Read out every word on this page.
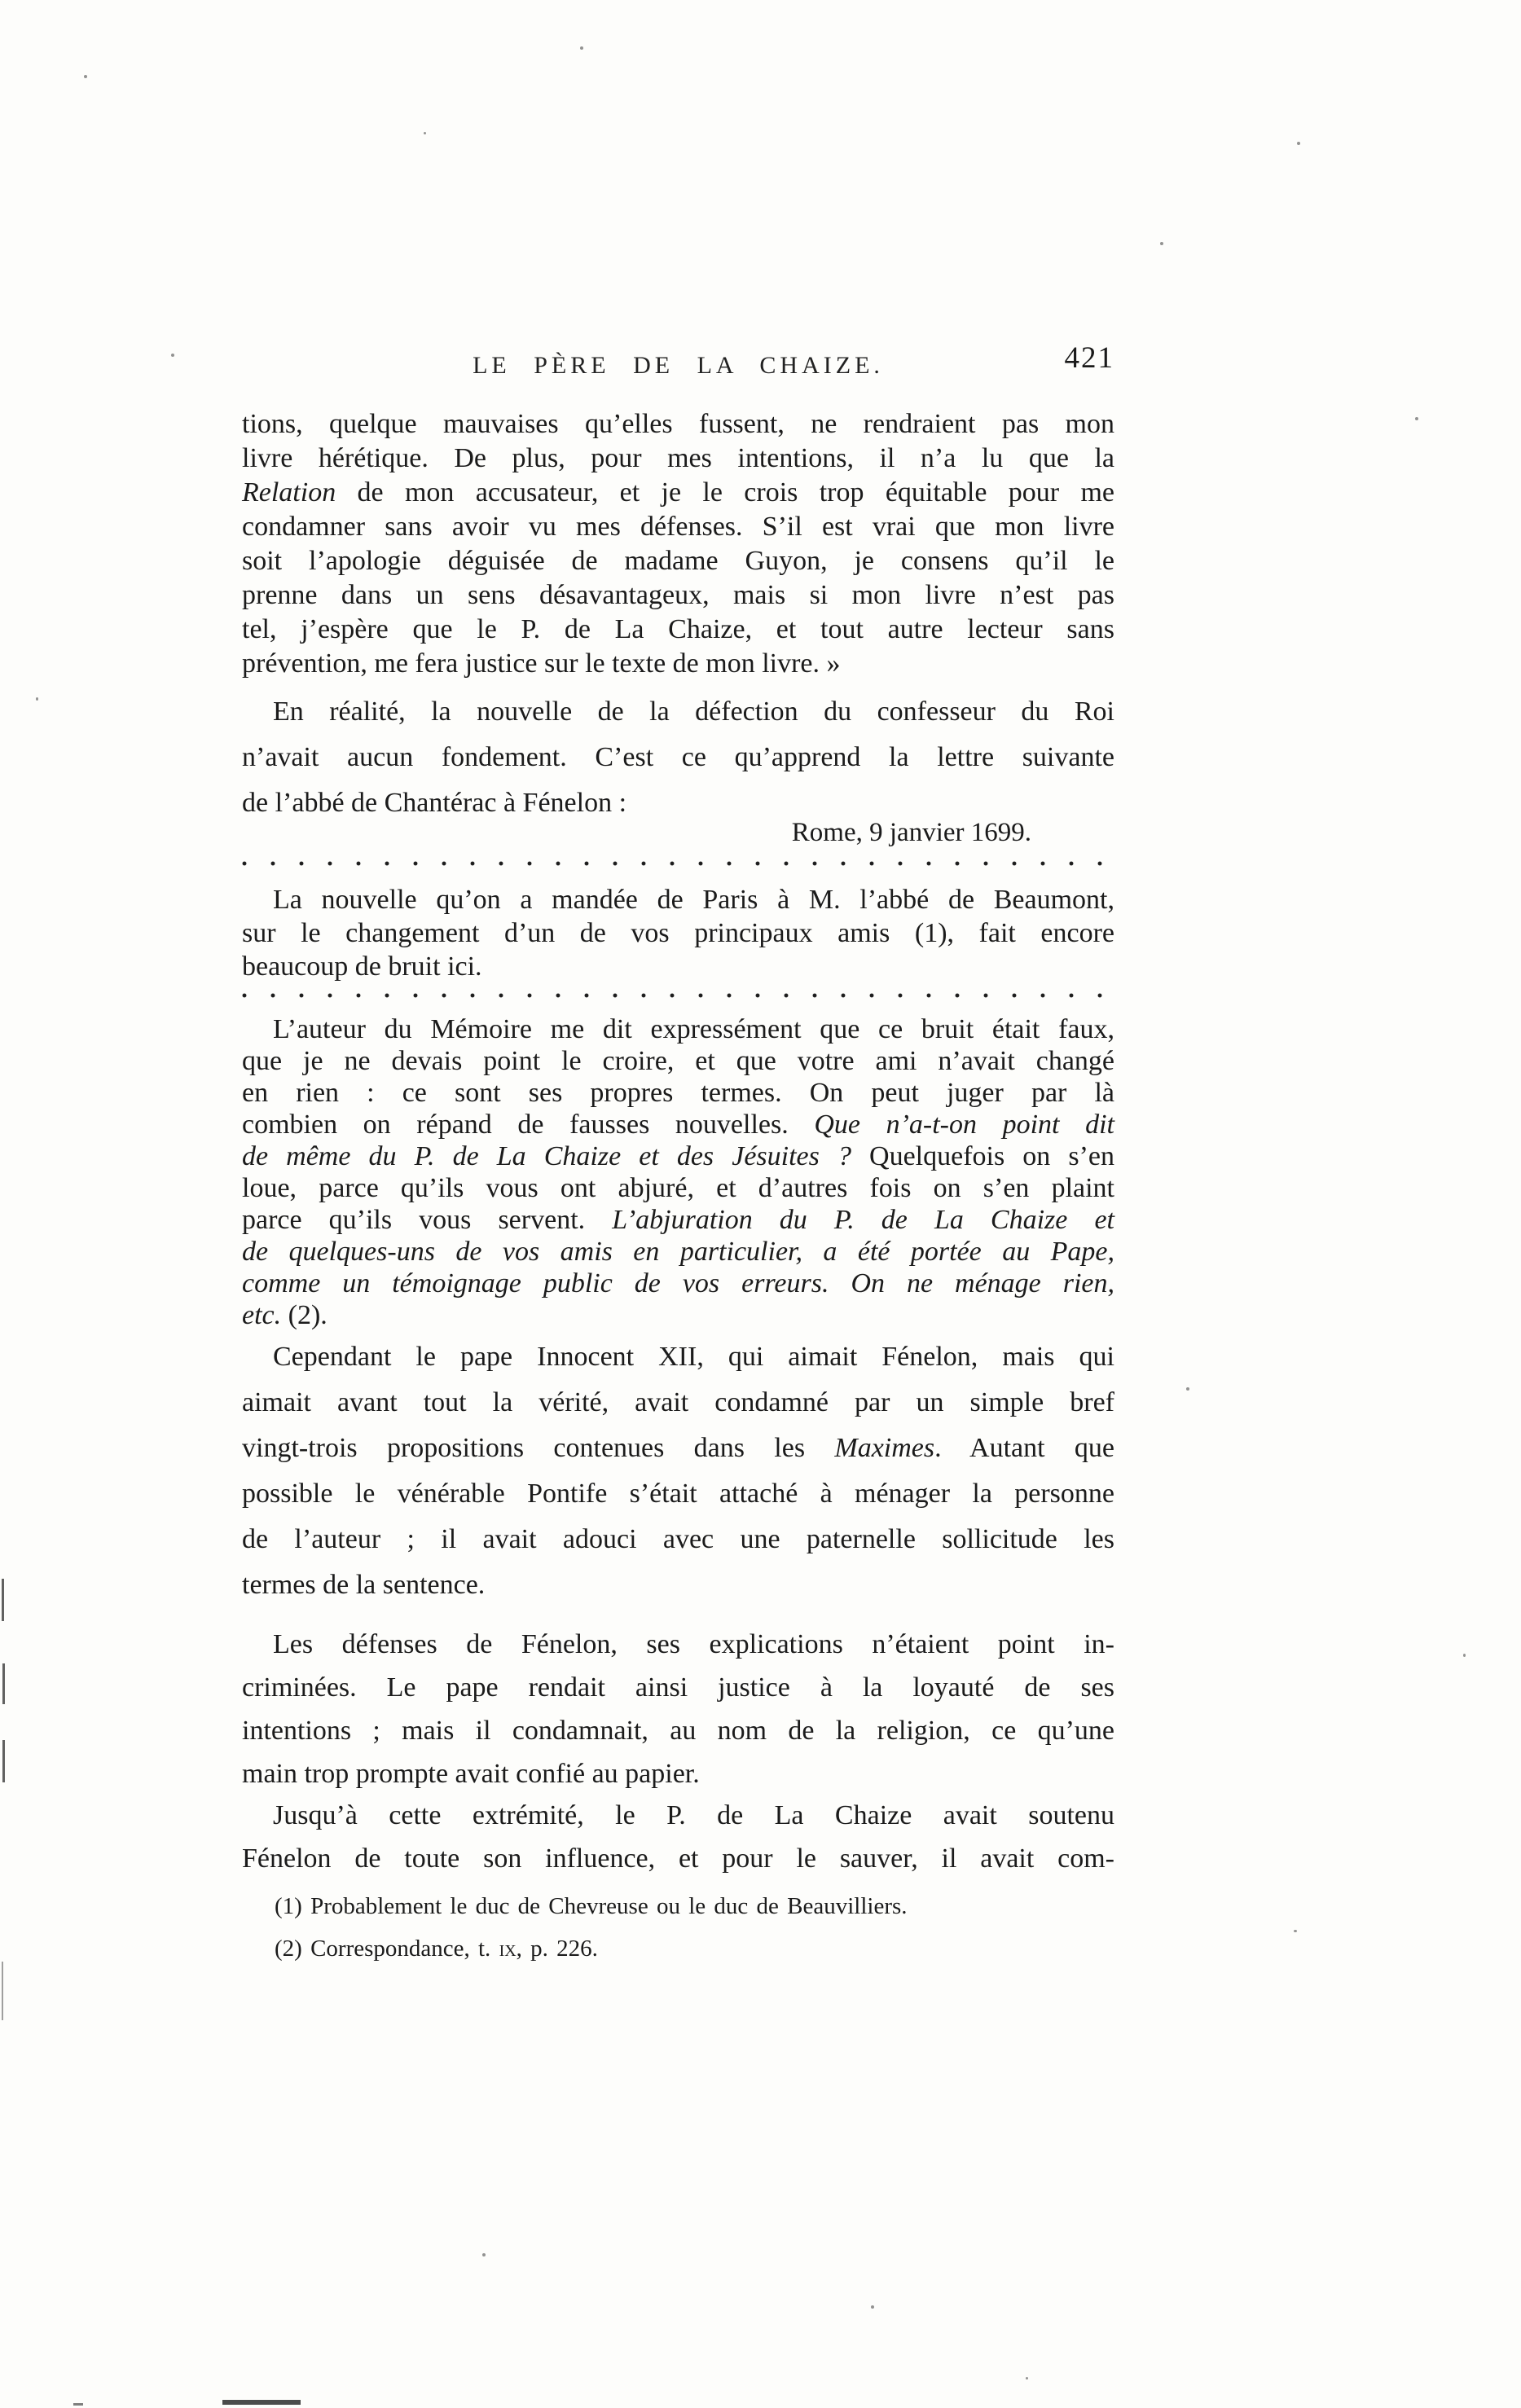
LE PÈRE DE LA CHAIZE.	421
tions, quelque mauvaises qu’elles fussent, ne rendraient pas mon
livre hérétique. De plus, pour mes intentions, il n’a lu que la
Relation de mon accusateur, et je le crois trop équitable pour me
condamner sans avoir vu mes défenses. S’il est vrai que mon livre
soit l’apologie déguisée de madame Guyon, je consens qu’il le
prenne dans un sens désavantageux, mais si mon livre n’est pas
tel, j’espère que le P. de La Chaize, et tout autre lecteur sans
prévention, me fera justice sur le texte de mon livre. »
En réalité, la nouvelle de la défection du confesseur du Roi
n’avait aucun fondement. C’est ce qu’apprend la lettre suivante
de l’abbé de Chantérac à Fénelon :
Rome, 9 janvier 1699.
La nouvelle qu’on a mandée de Paris à M. l’abbé de Beaumont,
sur le changement d’un de vos principaux amis (1), fait encore
beaucoup de bruit ici.
L’auteur du Mémoire me dit expressément que ce bruit était faux,
que je ne devais point le croire, et que votre ami n’avait changé
en rien : ce sont ses propres termes. On peut juger par là
combien on répand de fausses nouvelles. Que n’a-t-on point dit
de même du P. de La Chaize et des Jésuites ? Quelquefois on s’en
loue, parce qu’ils vous ont abjuré, et d’autres fois on s’en plaint
parce qu’ils vous servent. L’abjuration du P. de La Chaize et
de quelques-uns de vos amis en particulier, a été portée au Pape,
comme un témoignage public de vos erreurs. On ne ménage rien,
etc. (2).
Cependant le pape Innocent XII, qui aimait Fénelon, mais qui
aimait avant tout la vérité, avait condamné par un simple bref
vingt-trois propositions contenues dans les Maximes. Autant que
possible le vénérable Pontife s’était attaché à ménager la personne
de l’auteur ; il avait adouci avec une paternelle sollicitude les
termes de la sentence.
Les défenses de Fénelon, ses explications n’étaient point in-
criminées. Le pape rendait ainsi justice à la loyauté de ses
intentions ; mais il condamnait, au nom de la religion, ce qu’une
main trop prompte avait confié au papier.
Jusqu’à cette extrémité, le P. de La Chaize avait soutenu
Fénelon de toute son influence, et pour le sauver, il avait com-
(1) Probablement le duc de Chevreuse ou le duc de Beauvilliers.
(2) Correspondance, t. ix, p. 226.
